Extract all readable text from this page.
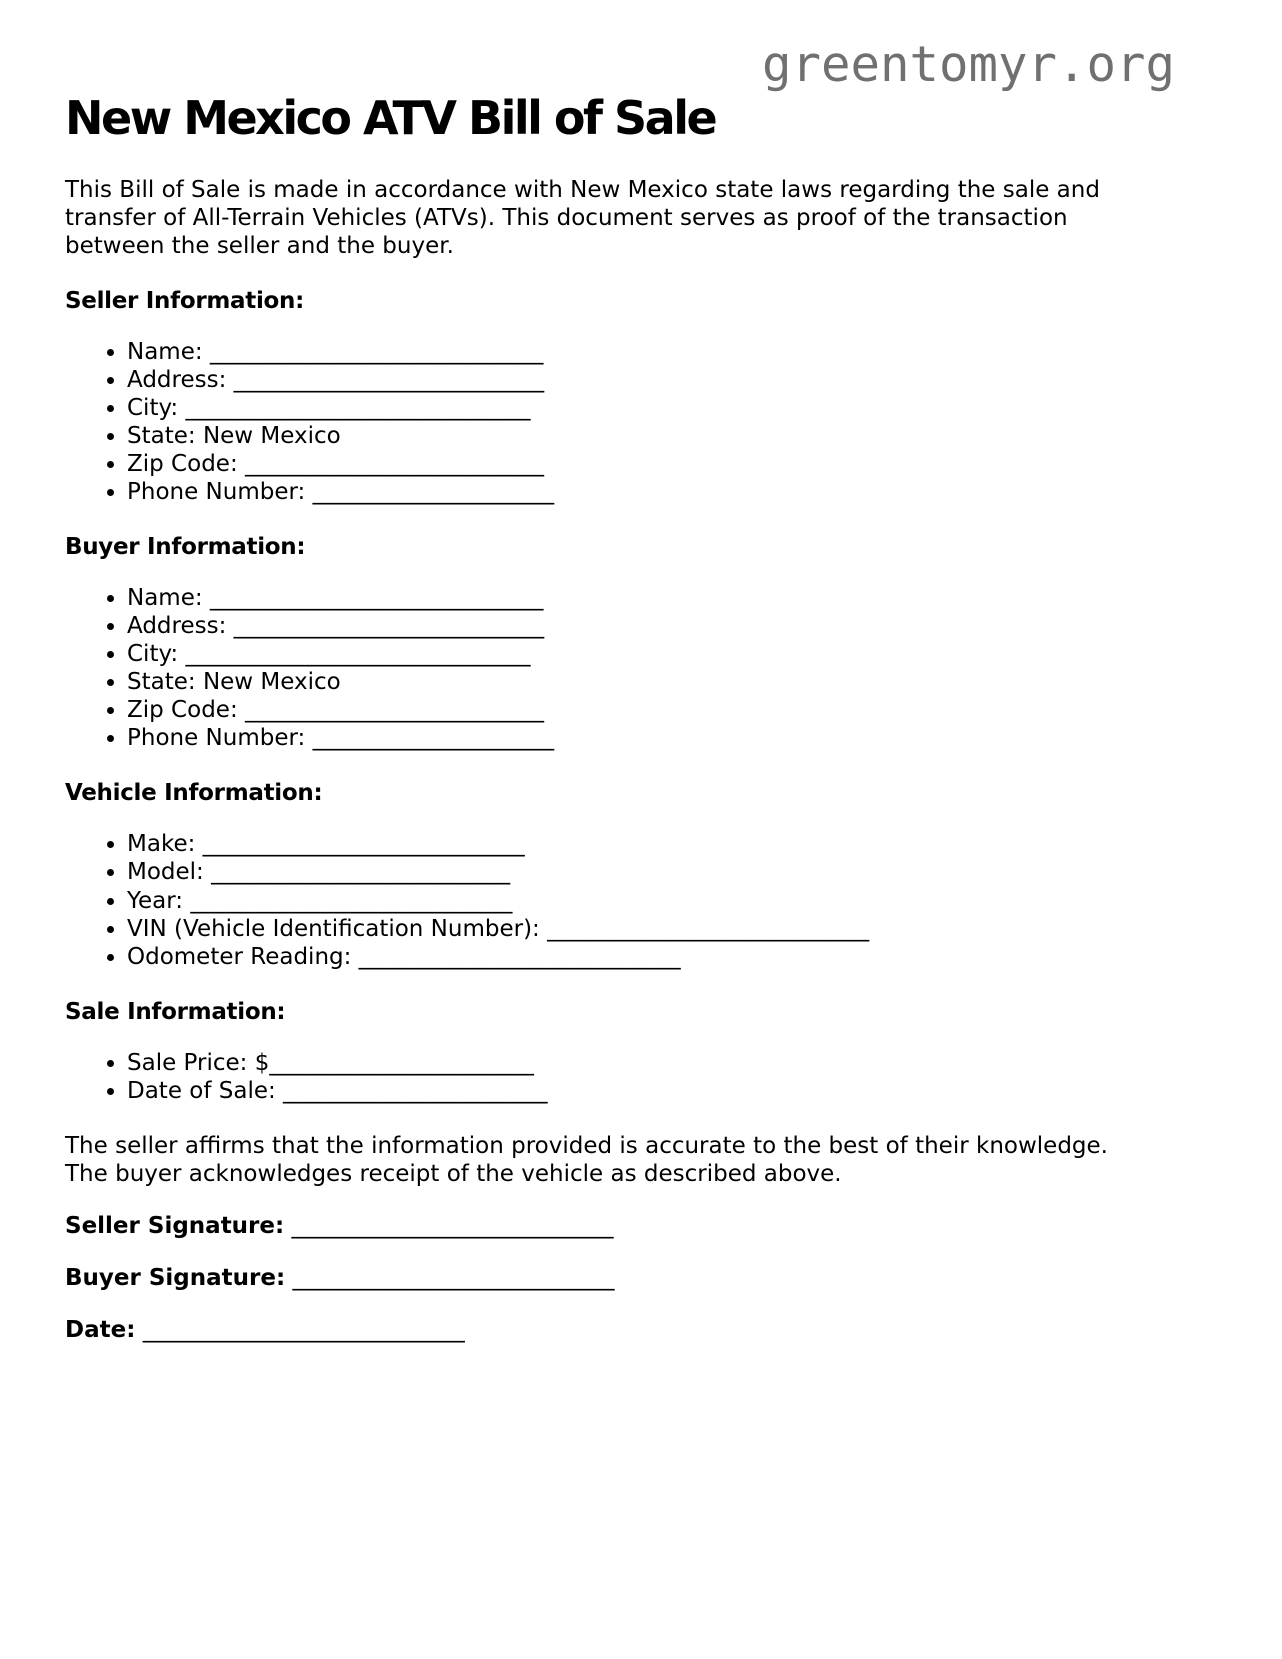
greentomyr.org
New Mexico ATV Bill of Sale

This Bill of Sale is made in accordance with New Mexico state laws regarding the sale and
transfer of All-Terrain Vehicles (ATVs). This document serves as proof of the transaction
between the seller and the buyer.

Seller Information:
• Name: _____________________________
• Address: ___________________________
• City: ______________________________
• State: New Mexico
• Zip Code: __________________________
• Phone Number: _____________________
Buyer Information:
• Name: _____________________________
• Address: ___________________________
• City: ______________________________
• State: New Mexico
• Zip Code: __________________________
• Phone Number: _____________________
Vehicle Information:
• Make: ____________________________
• Model: __________________________
• Year: ____________________________
• VIN (Vehicle Identification Number): ____________________________
• Odometer Reading: ____________________________
Sale Information:
• Sale Price: $_______________________
• Date of Sale: _______________________

The seller affirms that the information provided is accurate to the best of their knowledge.
The buyer acknowledges receipt of the vehicle as described above.

Seller Signature: ____________________________

Buyer Signature: ____________________________

Date: ____________________________
